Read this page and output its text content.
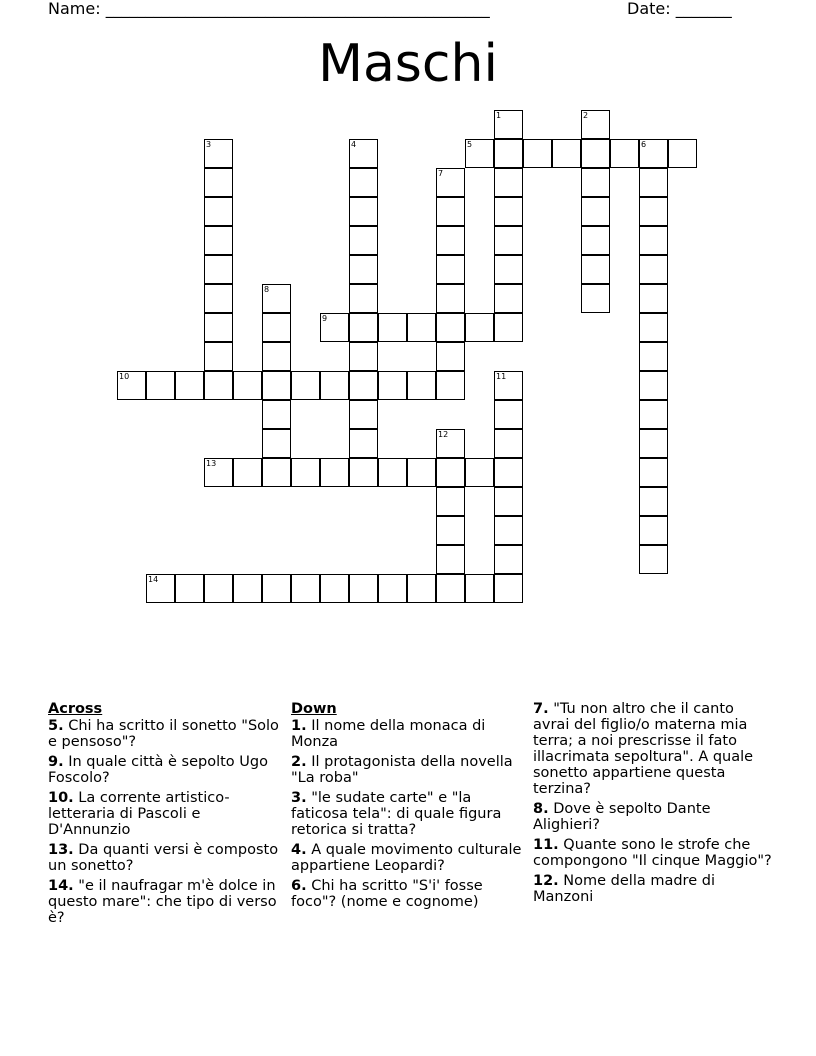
Name: ________________________________________________	Date: _______
Maschi
1	2
3	4	5	6
7
8
9
10	11
12
13
14
Across
5. Chi ha scritto il sonetto "Solo e pensoso"?
9. In quale città è sepolto Ugo Foscolo?
10. La corrente artistico-letteraria di Pascoli e D'Annunzio
13. Da quanti versi è composto un sonetto?
14. "e il naufragar m'è dolce in questo mare": che tipo di verso è?
Down
1. Il nome della monaca di Monza
2. Il protagonista della novella "La roba"
3. "le sudate carte" e "la faticosa tela": di quale figura retorica si tratta?
4. A quale movimento culturale appartiene Leopardi?
6. Chi ha scritto "S'i' fosse foco"? (nome e cognome)
7. "Tu non altro che il canto avrai del figlio/o materna mia terra; a noi prescrisse il fato illacrimata sepoltura". A quale sonetto appartiene questa terzina?
8. Dove è sepolto Dante Alighieri?
11. Quante sono le strofe che compongono "Il cinque Maggio"?
12. Nome della madre di Manzoni
